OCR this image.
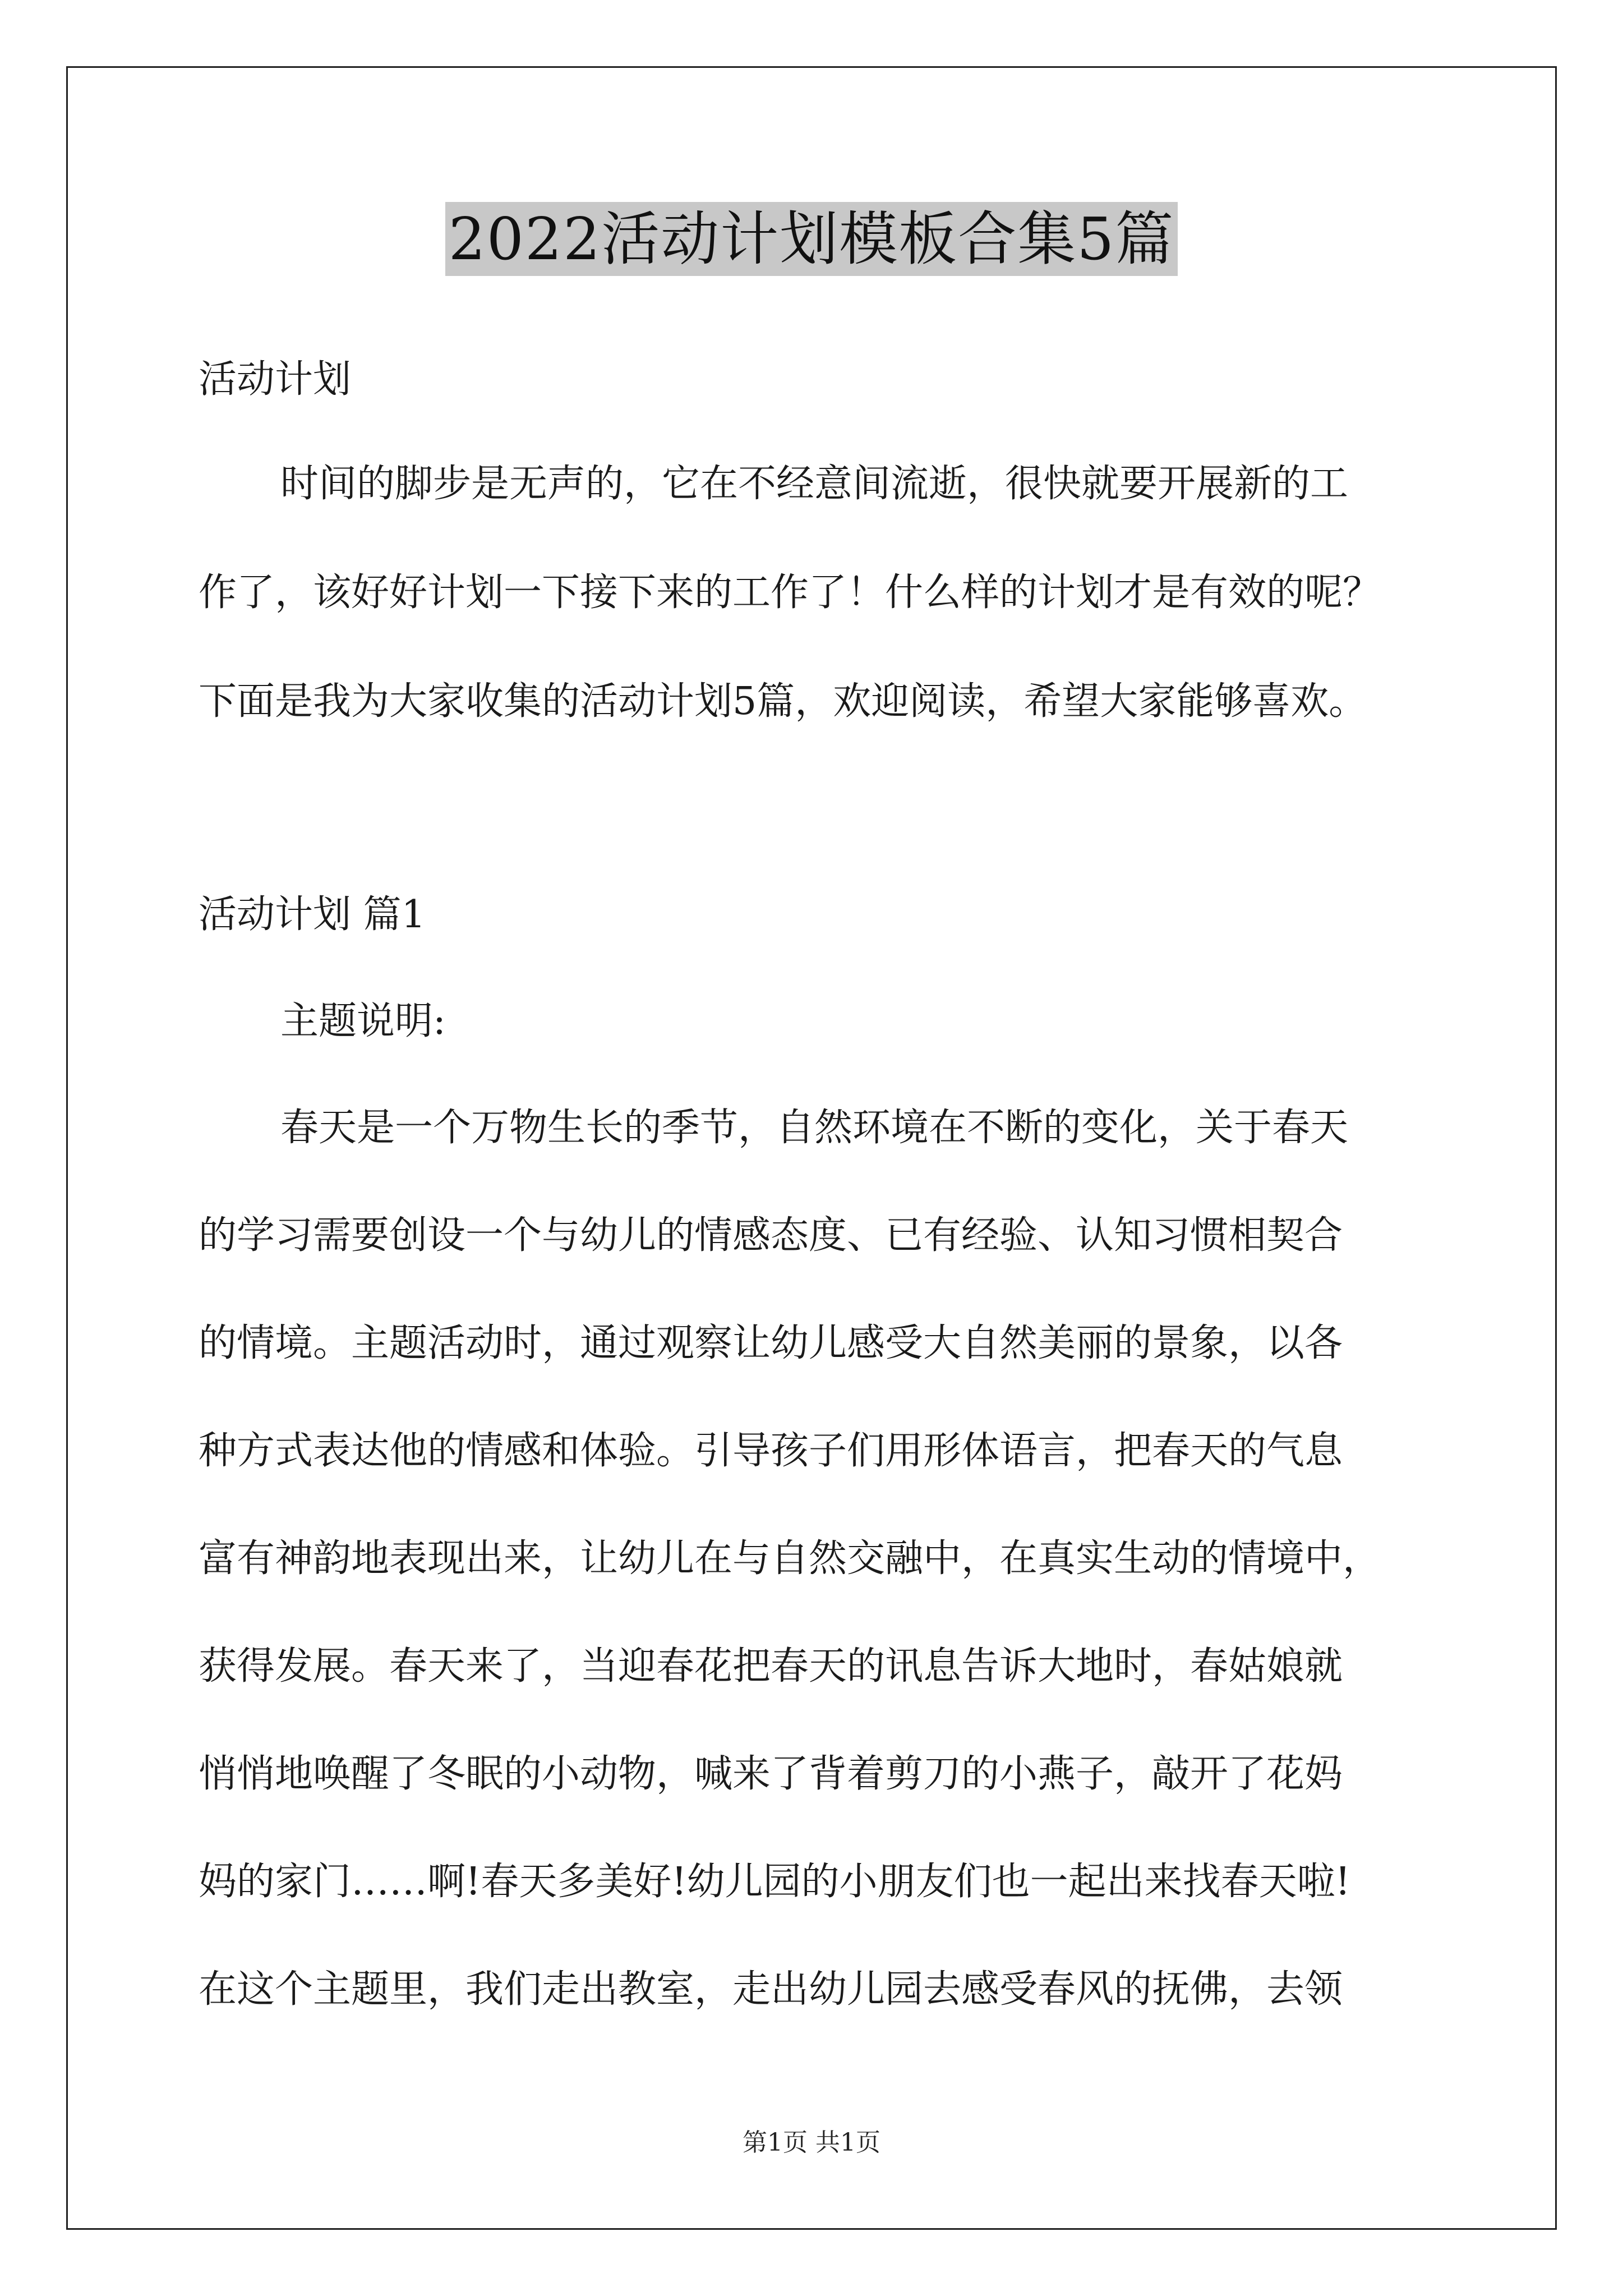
2022活动计划模板合集5篇
活动计划
时间的脚步是无声的，它在不经意间流逝，很快就要开展新的工
作了，该好好计划一下接下来的工作了！什么样的计划才是有效的呢？
下面是我为大家收集的活动计划5篇，欢迎阅读，希望大家能够喜欢。
活动计划 篇1
主题说明:
春天是一个万物生长的季节，自然环境在不断的变化，关于春天
的学习需要创设一个与幼儿的情感态度、已有经验、认知习惯相契合
的情境。主题活动时，通过观察让幼儿感受大自然美丽的景象，以各
种方式表达他的情感和体验。引导孩子们用形体语言，把春天的气息
富有神韵地表现出来，让幼儿在与自然交融中，在真实生动的情境中，
获得发展。春天来了，当迎春花把春天的讯息告诉大地时，春姑娘就
悄悄地唤醒了冬眠的小动物，喊来了背着剪刀的小燕子，敲开了花妈
妈的家门……啊!春天多美好!幼儿园的小朋友们也一起出来找春天啦!
在这个主题里，我们走出教室，走出幼儿园去感受春风的抚佛，去领
第1页 共1页
